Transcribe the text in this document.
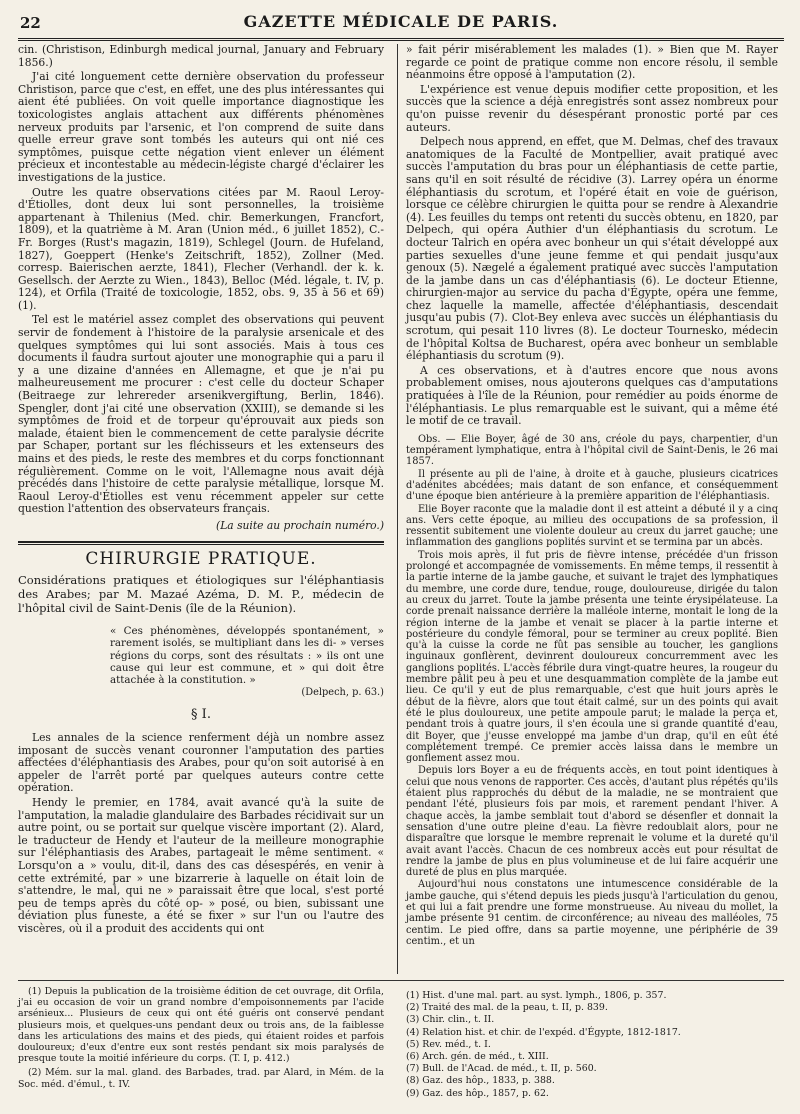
22	GAZETTE MÉDICALE DE PARIS.

cin. (Christison, Edinburgh medical journal, January and February 1856.)

J'ai cité longuement cette dernière observation du professeur Christison, parce que c'est, en effet, une des plus intéressantes qui aient été publiées. On voit quelle importance diagnostique les toxicologistes anglais attachent aux différents phénomènes nerveux produits par l'arsenic, et l'on comprend de suite dans quelle erreur grave sont tombés les auteurs qui ont nié ces symptômes, puisque cette négation vient enlever un élément précieux et incontestable au médecin-légiste chargé d'éclairer les investigations de la justice.

Outre les quatre observations citées par M. Raoul Leroy-d'Étiolles, dont deux lui sont personnelles, la troisième appartenant à Thilenius (Med. chir. Bemerkungen, Francfort, 1809), et la quatrième à M. Aran (Union méd., 6 juillet 1852), C.-Fr. Borges (Rust's magazin, 1819), Schlegel (Journ. de Hufeland, 1827), Goeppert (Henke's Zeitschrift, 1852), Zollner (Med. corresp. Baierischen aerzte, 1841), Flecher (Verhandl. der k. k. Gesellsch. der Aerzte zu Wien., 1843), Belloc (Méd. légale, t. IV, p. 124), et Orfila (Traité de toxicologie, 1852, obs. 9, 35 à 56 et 69) (1).

Tel est le matériel assez complet des observations qui peuvent servir de fondement à l'histoire de la paralysie arsenicale et des quelques symptômes qui lui sont associés. Mais à tous ces documents il faudra surtout ajouter une monographie qui a paru il y a une dizaine d'années en Allemagne, et que je n'ai pu malheureusement me procurer : c'est celle du docteur Schaper (Beitraege zur lehrereder arsenikvergiftung, Berlin, 1846). Spengler, dont j'ai cité une observation (XXIII), se demande si les symptômes de froid et de torpeur qu'éprouvait aux pieds son malade, étaient bien le commencement de cette paralysie décrite par Schaper, portant sur les fléchisseurs et les extenseurs des mains et des pieds, le reste des membres et du corps fonctionnant régulièrement. Comme on le voit, l'Allemagne nous avait déjà précédés dans l'histoire de cette paralysie métallique, lorsque M. Raoul Leroy-d'Étiolles est venu récemment appeler sur cette question l'attention des observateurs français.

(La suite au prochain numéro.)
CHIRURGIE PRATIQUE.

Considérations pratiques et étiologiques sur l'éléphantiasis des Arabes; par M. Mazaé Azéma, D. M. P., médecin de l'hôpital civil de Saint-Denis (île de la Réunion).

« Ces phénomènes, développés spontanément, » rarement isolés, se multipliant dans les di- » verses régions du corps, sont des résultats : » ils ont une cause qui leur est commune, et » qui doit être attachée à la constitution. »
(Delpech, p. 63.)
§ I.

Les annales de la science renferment déjà un nombre assez imposant de succès venant couronner l'amputation des parties affectées d'éléphantiasis des Arabes, pour qu'on soit autorisé à en appeler de l'arrêt porté par quelques auteurs contre cette opération.

Hendy le premier, en 1784, avait avancé qu'à la suite de l'amputation, la maladie glandulaire des Barbades récidivait sur un autre point, ou se portait sur quelque viscère important (2). Alard, le traducteur de Hendy et l'auteur de la meilleure monographie sur l'éléphantiasis des Arabes, partageait le même sentiment. « Lorsqu'on a » voulu, dit-il, dans des cas désespérés, en venir à cette extrémité, par » une bizarrerie à laquelle on était loin de s'attendre, le mal, qui ne » paraissait être que local, s'est porté peu de temps après du côté op- » posé, ou bien, subissant une déviation plus funeste, a été se fixer » sur l'un ou l'autre des viscères, où il a produit des accidents qui ont

» fait périr misérablement les malades (1). » Bien que M. Rayer regarde ce point de pratique comme non encore résolu, il semble néanmoins être opposé à l'amputation (2).

L'expérience est venue depuis modifier cette proposition, et les succès que la science a déjà enregistrés sont assez nombreux pour qu'on puisse revenir du désespérant pronostic porté par ces auteurs.

Delpech nous apprend, en effet, que M. Delmas, chef des travaux anatomiques de la Faculté de Montpellier, avait pratiqué avec succès l'amputation du bras pour un éléphantiasis de cette partie, sans qu'il en soit résulté de récidive (3). Larrey opéra un énorme éléphantiasis du scrotum, et l'opéré était en voie de guérison, lorsque ce célèbre chirurgien le quitta pour se rendre à Alexandrie (4). Les feuilles du temps ont retenti du succès obtenu, en 1820, par Delpech, qui opéra Authier d'un éléphantiasis du scrotum. Le docteur Talrich en opéra avec bonheur un qui s'était développé aux parties sexuelles d'une jeune femme et qui pendait jusqu'aux genoux (5). Nægelé a également pratiqué avec succès l'amputation de la jambe dans un cas d'éléphantiasis (6). Le docteur Etienne, chirurgien-major au service du pacha d'Égypte, opéra une femme, chez laquelle la mamelle, affectée d'éléphantiasis, descendait jusqu'au pubis (7). Clot-Bey enleva avec succès un éléphantiasis du scrotum, qui pesait 110 livres (8). Le docteur Tournesko, médecin de l'hôpital Koltsa de Bucharest, opéra avec bonheur un semblable éléphantiasis du scrotum (9).

A ces observations, et à d'autres encore que nous avons probablement omises, nous ajouterons quelques cas d'amputations pratiquées à l'île de la Réunion, pour remédier au poids énorme de l'éléphantiasis. Le plus remarquable est le suivant, qui a même été le motif de ce travail.

Obs. — Elie Boyer, âgé de 30 ans, créole du pays, charpentier, d'un tempérament lymphatique, entra à l'hôpital civil de Saint-Denis, le 26 mai 1857.

Il présente au pli de l'aine, à droite et à gauche, plusieurs cicatrices d'adénites abcédées; mais datant de son enfance, et conséquemment d'une époque bien antérieure à la première apparition de l'éléphantiasis.

Elie Boyer raconte que la maladie dont il est atteint a débuté il y a cinq ans. Vers cette époque, au milieu des occupations de sa profession, il ressentit subitement une violente douleur au creux du jarret gauche; une inflammation des ganglions poplités survint et se termina par un abcès.

Trois mois après, il fut pris de fièvre intense, précédée d'un frisson prolongé et accompagnée de vomissements. En même temps, il ressentit à la partie interne de la jambe gauche, et suivant le trajet des lymphatiques du membre, une corde dure, tendue, rouge, douloureuse, dirigée du talon au creux du jarret. Toute la jambe présenta une teinte érysipélateuse. La corde prenait naissance derrière la malléole interne, montait le long de la région interne de la jambe et venait se placer à la partie interne et postérieure du condyle fémoral, pour se terminer au creux poplité. Bien qu'à la cuisse la corde ne fût pas sensible au toucher, les ganglions inguinaux gonflèrent, devinrent douloureux concurremment avec les ganglions poplités. L'accès fébrile dura vingt-quatre heures, la rougeur du membre pâlit peu à peu et une desquammation complète de la jambe eut lieu. Ce qu'il y eut de plus remarquable, c'est que huit jours après le début de la fièvre, alors que tout était calmé, sur un des points qui avait été le plus douloureux, une petite ampoule parut; le malade la perça et, pendant trois à quatre jours, il s'en écoula une si grande quantité d'eau, dit Boyer, que j'eusse enveloppé ma jambe d'un drap, qu'il en eût été complétement trempé. Ce premier accès laissa dans le membre un gonflement assez mou.

Depuis lors Boyer a eu de fréquents accès, en tout point identiques à celui que nous venons de rapporter. Ces accès, d'autant plus répétés qu'ils étaient plus rapprochés du début de la maladie, ne se montraient que pendant l'été, plusieurs fois par mois, et rarement pendant l'hiver. A chaque accès, la jambe semblait tout d'abord se désenfler et donnait la sensation d'une outre pleine d'eau. La fièvre redoublait alors, pour ne disparaître que lorsque le membre reprenait le volume et la dureté qu'il avait avant l'accès. Chacun de ces nombreux accès eut pour résultat de rendre la jambe de plus en plus volumineuse et de lui faire acquérir une dureté de plus en plus marquée.

Aujourd'hui nous constatons une intumescence considérable de la jambe gauche, qui s'étend depuis les pieds jusqu'à l'articulation du genou, et qui lui a fait prendre une forme monstrueuse. Au niveau du mollet, la jambe présente 91 centim. de circonférence; au niveau des malléoles, 75 centim. Le pied offre, dans sa partie moyenne, une périphérie de 39 centim., et un

(1) Depuis la publication de la troisième édition de cet ouvrage, dit Orfila, j'ai eu occasion de voir un grand nombre d'empoisonnements par l'acide arsénieux... Plusieurs de ceux qui ont été guéris ont conservé pendant plusieurs mois, et quelques-uns pendant deux ou trois ans, de la faiblesse dans les articulations des mains et des pieds, qui étaient roides et parfois douloureux; d'eux d'entre eux sont restés pendant six mois paralysés de presque toute la moitié inférieure du corps. (T. I, p. 412.)

(2) Mém. sur la mal. gland. des Barbades, trad. par Alard, in Mém. de la Soc. méd. d'émul., t. IV.

(1) Hist. d'une mal. part. au syst. lymph., 1806, p. 357.
(2) Traité des mal. de la peau, t. II, p. 839.
(3) Chir. clin., t. II.
(4) Relation hist. et chir. de l'expéd. d'Égypte, 1812-1817.
(5) Rev. méd., t. I.
(6) Arch. gén. de méd., t. XIII.
(7) Bull. de l'Acad. de méd., t. II, p. 560.
(8) Gaz. des hôp., 1833, p. 388.
(9) Gaz. des hôp., 1857, p. 62.
